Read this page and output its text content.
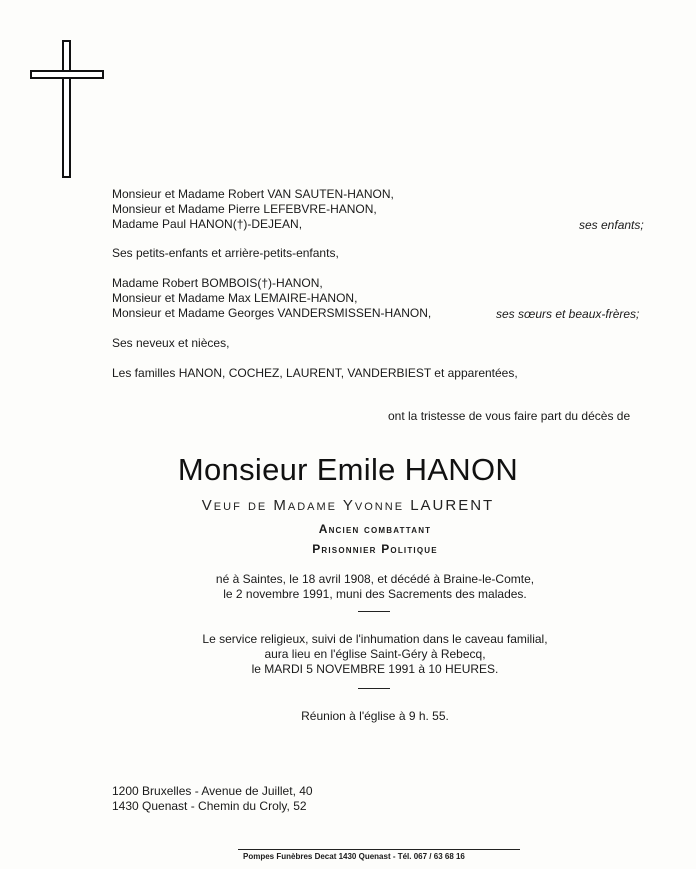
Monsieur et Madame Robert VAN SAUTEN-HANON,
Monsieur et Madame Pierre LEFEBVRE-HANON,
Madame Paul HANON(†)-DEJEAN,	ses enfants;
Ses petits-enfants et arrière-petits-enfants,
Madame Robert BOMBOIS(†)-HANON,
Monsieur et Madame Max LEMAIRE-HANON,
Monsieur et Madame Georges VANDERSMISSEN-HANON,	ses sœurs et beaux-frères;
Ses neveux et nièces,
Les familles HANON, COCHEZ, LAURENT, VANDERBIEST et apparentées,
ont la tristesse de vous faire part du décès de
Monsieur Emile HANON
Veuf de Madame Yvonne LAURENT
Ancien combattant
Prisonnier Politique
né à Saintes, le 18 avril 1908, et décédé à Braine-le-Comte,
le 2 novembre 1991, muni des Sacrements des malades.
Le service religieux, suivi de l'inhumation dans le caveau familial,
aura lieu en l'église Saint-Géry à Rebecq,
le MARDI 5 NOVEMBRE 1991 à 10 HEURES.
Réunion à l'église à 9 h. 55.
1200 Bruxelles - Avenue de Juillet, 40
1430 Quenast - Chemin du Croly, 52
Pompes Funèbres Decat 1430 Quenast - Tél. 067 / 63 68 16
